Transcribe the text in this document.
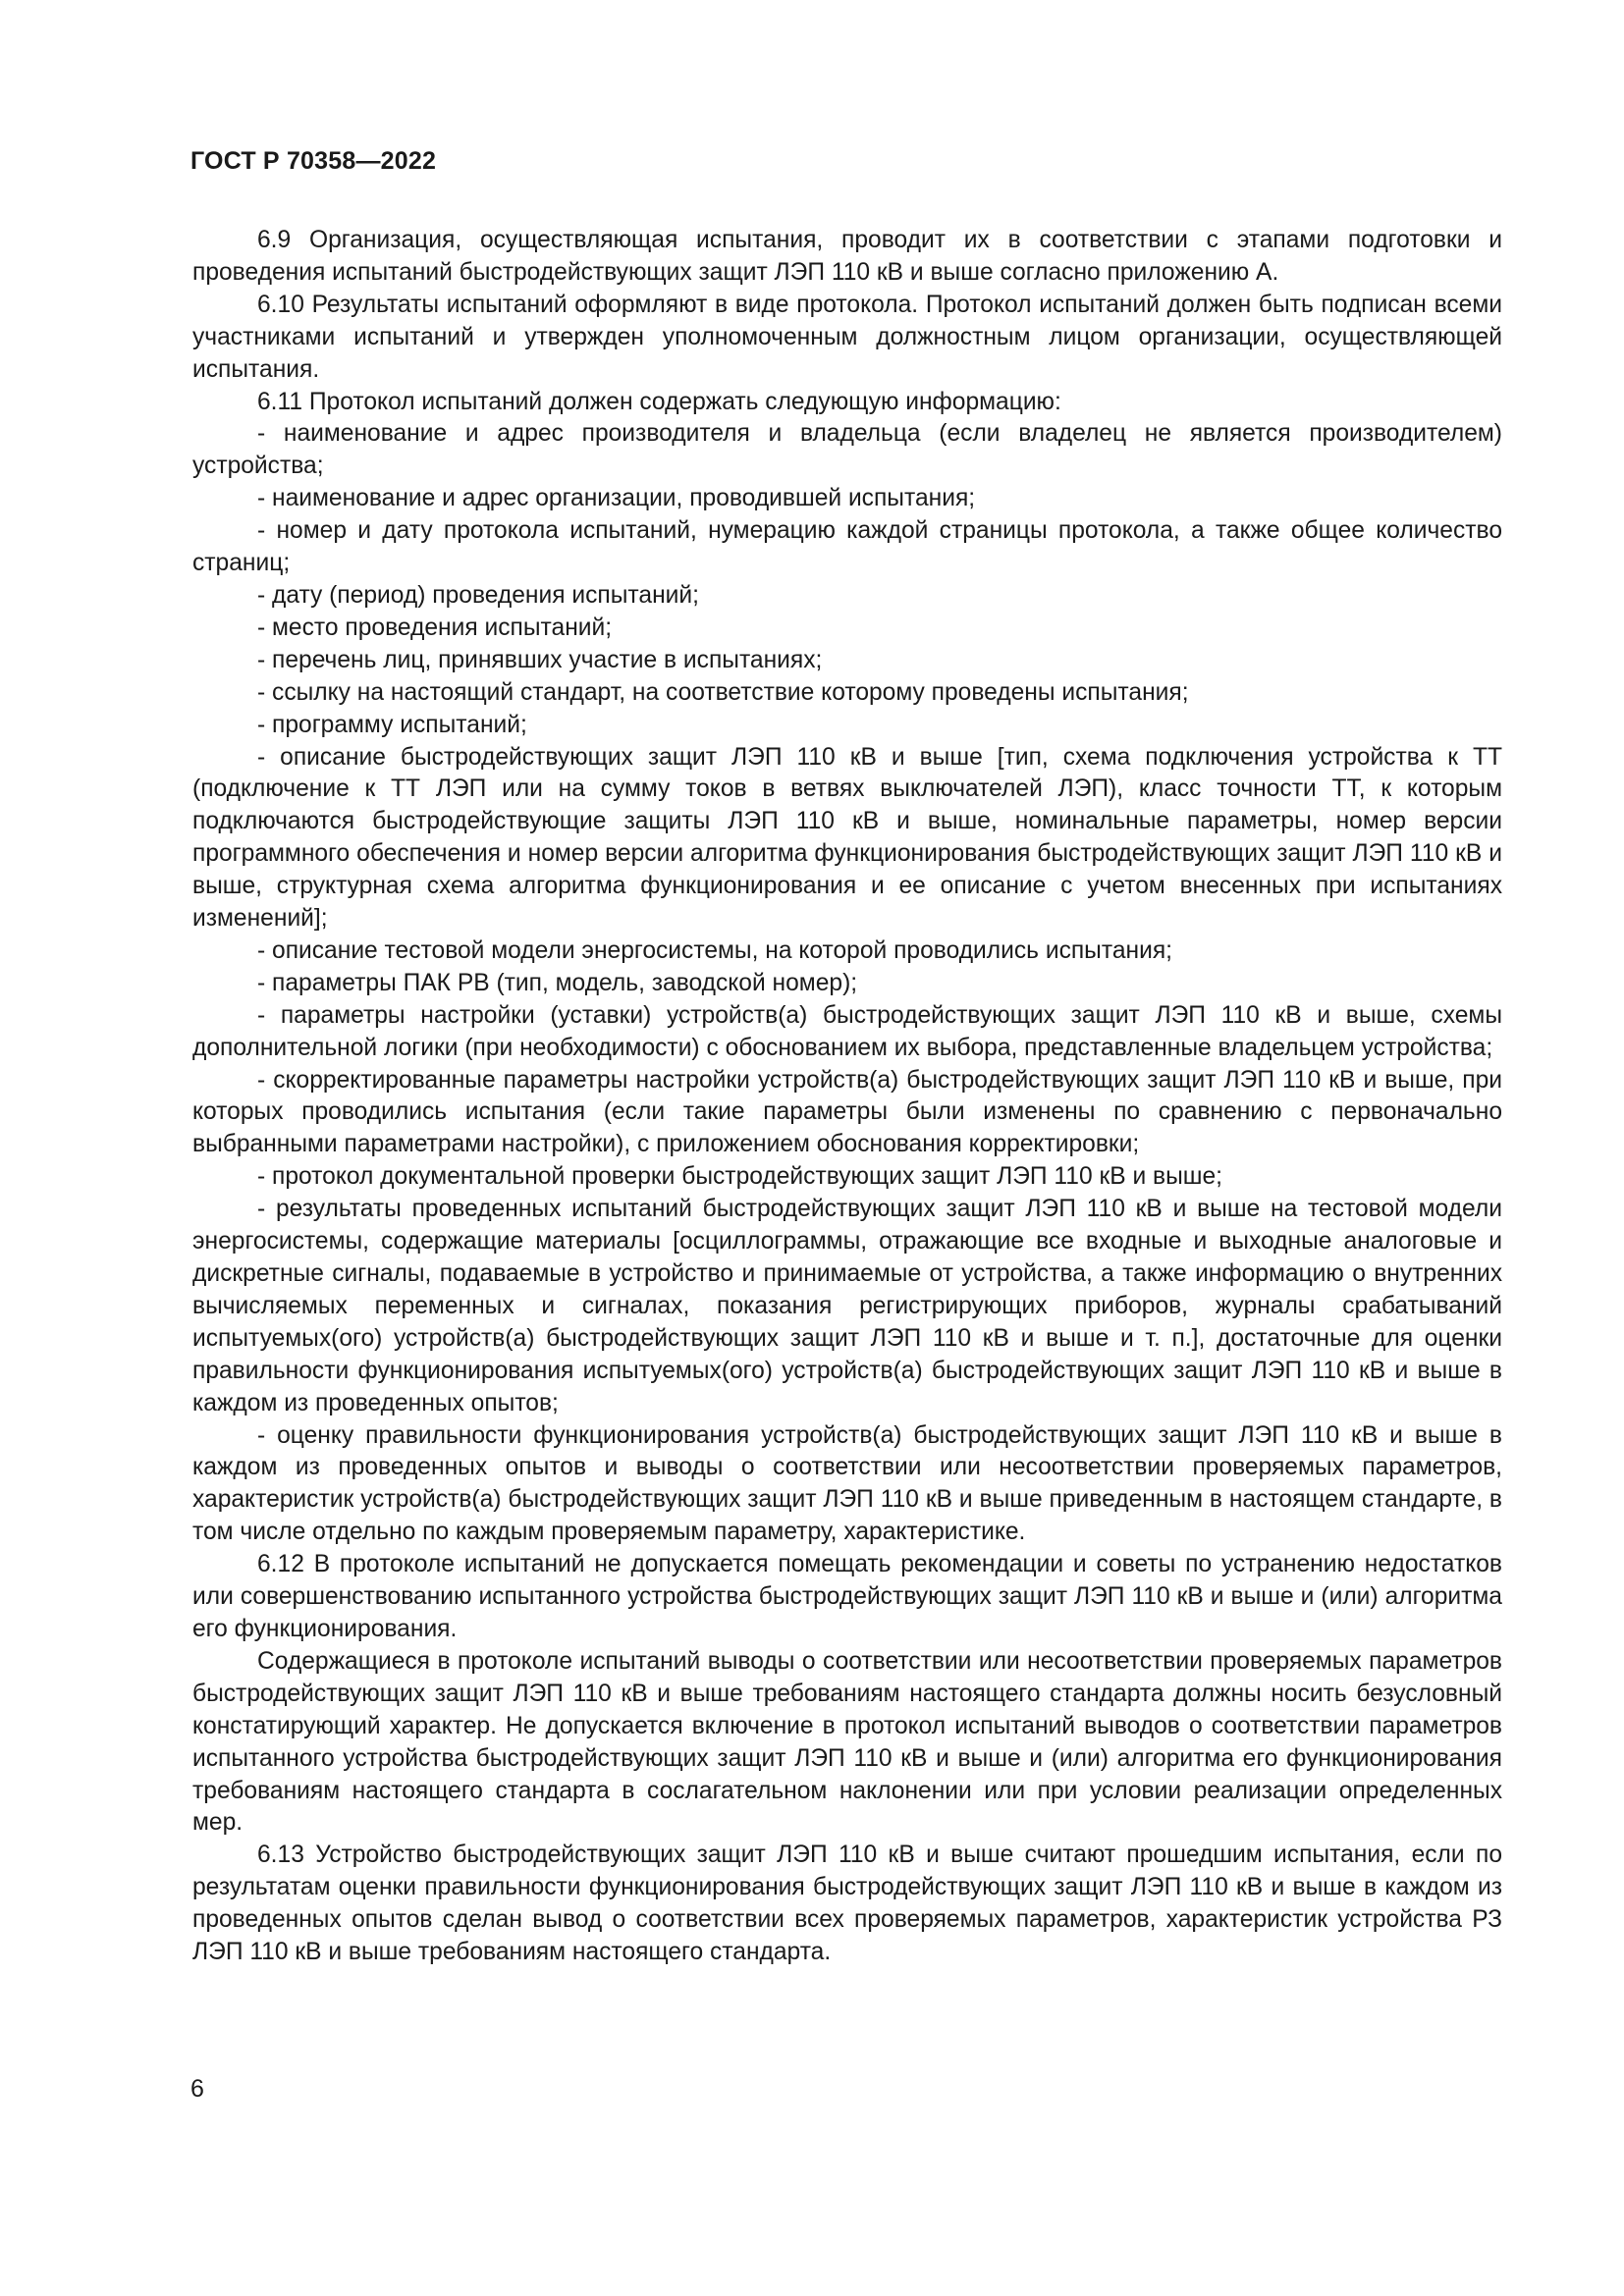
ГОСТ Р 70358—2022

6.9 Организация, осуществляющая испытания, проводит их в соответствии с этапами подготовки и проведения испытаний быстродействующих защит ЛЭП 110 кВ и выше согласно приложению А.

6.10 Результаты испытаний оформляют в виде протокола. Протокол испытаний должен быть подписан всеми участниками испытаний и утвержден уполномоченным должностным лицом организации, осуществляющей испытания.

6.11 Протокол испытаний должен содержать следующую информацию:

- наименование и адрес производителя и владельца (если владелец не является производителем) устройства;

- наименование и адрес организации, проводившей испытания;

- номер и дату протокола испытаний, нумерацию каждой страницы протокола, а также общее количество страниц;

- дату (период) проведения испытаний;

- место проведения испытаний;

- перечень лиц, принявших участие в испытаниях;

- ссылку на настоящий стандарт, на соответствие которому проведены испытания;

- программу испытаний;

- описание быстродействующих защит ЛЭП 110 кВ и выше [тип, схема подключения устройства к ТТ (подключение к ТТ ЛЭП или на сумму токов в ветвях выключателей ЛЭП), класс точности ТТ, к которым подключаются быстродействующие защиты ЛЭП 110 кВ и выше, номинальные параметры, номер версии программного обеспечения и номер версии алгоритма функционирования быстродействующих защит ЛЭП 110 кВ и выше, структурная схема алгоритма функционирования и ее описание с учетом внесенных при испытаниях изменений];

- описание тестовой модели энергосистемы, на которой проводились испытания;

- параметры ПАК РВ (тип, модель, заводской номер);

- параметры настройки (уставки) устройств(а) быстродействующих защит ЛЭП 110 кВ и выше, схемы дополнительной логики (при необходимости) с обоснованием их выбора, представленные владельцем устройства;

- скорректированные параметры настройки устройств(а) быстродействующих защит ЛЭП 110 кВ и выше, при которых проводились испытания (если такие параметры были изменены по сравнению с первоначально выбранными параметрами настройки), с приложением обоснования корректировки;

- протокол документальной проверки быстродействующих защит ЛЭП 110 кВ и выше;

- результаты проведенных испытаний быстродействующих защит ЛЭП 110 кВ и выше на тестовой модели энергосистемы, содержащие материалы [осциллограммы, отражающие все входные и выходные аналоговые и дискретные сигналы, подаваемые в устройство и принимаемые от устройства, а также информацию о внутренних вычисляемых переменных и сигналах, показания регистрирующих приборов, журналы срабатываний испытуемых(ого) устройств(а) быстродействующих защит ЛЭП 110 кВ и выше и т. п.], достаточные для оценки правильности функционирования испытуемых(ого) устройств(а) быстродействующих защит ЛЭП 110 кВ и выше в каждом из проведенных опытов;

- оценку правильности функционирования устройств(а) быстродействующих защит ЛЭП 110 кВ и выше в каждом из проведенных опытов и выводы о соответствии или несоответствии проверяемых параметров, характеристик устройств(а) быстродействующих защит ЛЭП 110 кВ и выше приведенным в настоящем стандарте, в том числе отдельно по каждым проверяемым параметру, характеристике.

6.12 В протоколе испытаний не допускается помещать рекомендации и советы по устранению недостатков или совершенствованию испытанного устройства быстродействующих защит ЛЭП 110 кВ и выше и (или) алгоритма его функционирования.

Содержащиеся в протоколе испытаний выводы о соответствии или несоответствии проверяемых параметров быстродействующих защит ЛЭП 110 кВ и выше требованиям настоящего стандарта должны носить безусловный констатирующий характер. Не допускается включение в протокол испытаний выводов о соответствии параметров испытанного устройства быстродействующих защит ЛЭП 110 кВ и выше и (или) алгоритма его функционирования требованиям настоящего стандарта в сослагательном наклонении или при условии реализации определенных мер.

6.13 Устройство быстродействующих защит ЛЭП 110 кВ и выше считают прошедшим испытания, если по результатам оценки правильности функционирования быстродействующих защит ЛЭП 110 кВ и выше в каждом из проведенных опытов сделан вывод о соответствии всех проверяемых параметров, характеристик устройства РЗ ЛЭП 110 кВ и выше требованиям настоящего стандарта.

6
